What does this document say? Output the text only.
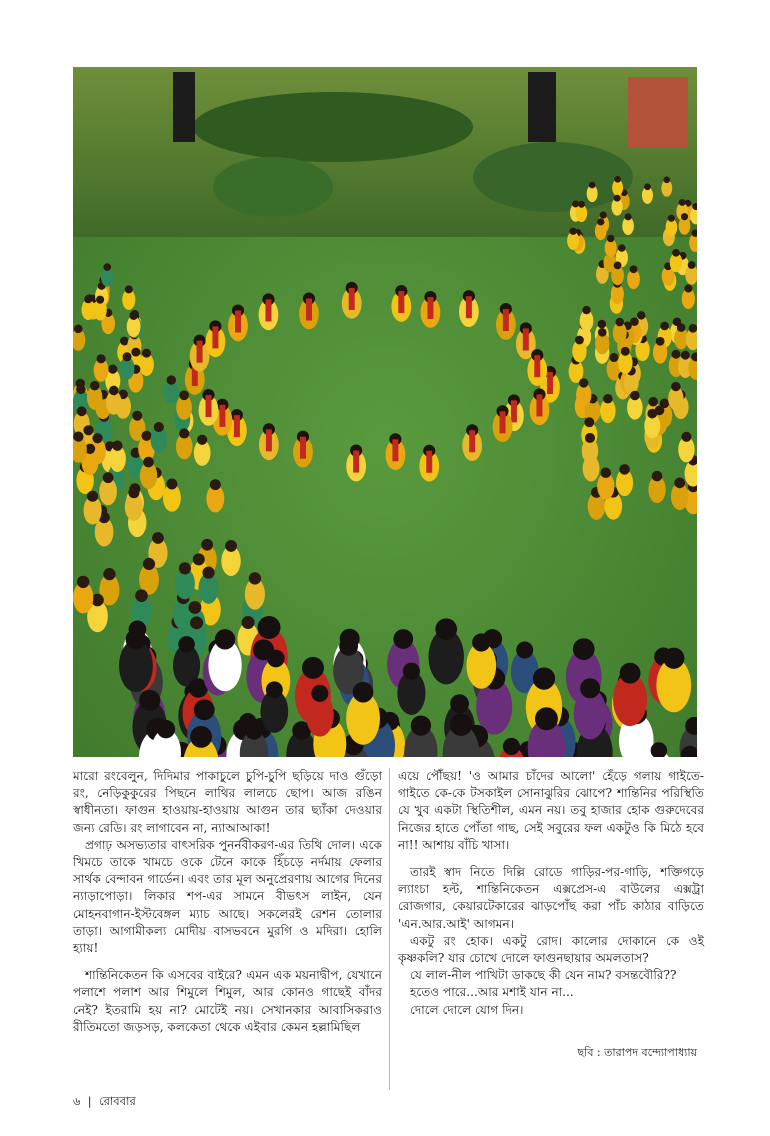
মারো রংবেলুন, দিদিমার পাকাচুলে চুপি-চুপি ছড়িয়ে দাও গুঁড়ো রং, নেড়িকুকুরের পিছনে লাথির লালচে ছোপ। আজ রঙিন স্বাধীনতা। ফাগুন হাওয়ায়-হাওয়ায় আগুন তার ছ্যাঁকা দেওয়ার জন্য রেডি। রং লাগাবেন না, ন্যাআআকা!

প্রগাঢ় অসভ্যতার বাৎসরিক পুনর্নবীকরণ-এর তিথি দোল। একে খিমচে তাকে খামচে ওকে টেনে কাকে হিঁচড়ে নর্দমায় ফেলার সার্থক বেন্দাবন গার্ডেন। এবং তার মূল অনুপ্রেরণায় আগের দিনের ন্যাড়াপোড়া। লিকার শপ-এর সামনে বীভৎস লাইন, যেন মোহনবাগান-ইস্টবেঙ্গল ম্যাচ আছে। সকলেরই রেশন তোলার তাড়া। আগামীকল্য মোদীয় বাসভবনে মুরগি ও মদিরা। হোলি হ্যায়!

শান্তিনিকেতন কি এসবের বাইরে? এমন এক ময়নাদ্বীপ, যেখানে পলাশে পলাশ আর শিমুলে শিমুল, আর কোনও গাছেই বাঁদর নেই? ইতরামি হয় না? মোটেই নয়। সেখানকার আবাসিকরাও রীতিমতো জড়সড়, কলকেতা থেকে এইবার কেমন হল্লামিছিল

এয়ে পৌঁছয়! 'ও আমার চাঁদের আলো' হেঁড়ে গলায় গাইতে-গাইতে কে-কে টসকাইল সোনাঝুরির ঝোপে? শান্তিনির পরিস্থিতি যে খুব একটা স্থিতিশীল, এমন নয়। তবু হাজার হোক গুরুদেবের নিজের হাতে পোঁতা গাছ, সেই সবুরের ফল একটুও কি মিঠে হবে না!! আশায় বাঁচি খাসা।

তারই স্বাদ নিতে দিল্লি রোডে গাড়ির-পর-গাড়ি, শক্তিগড়ে ল্যাংচা হল্ট, শান্তিনিকেতন এক্সপ্রেস-এ বাউলের এক্সট্রা রোজগার, কেয়ারটেকারের ঝাড়পোঁছ করা পাঁচ কাঠার বাড়িতে 'এন.আর.আই' আগমন।

একটু রং হোক। একটু রোদ। কালোর দোকানে কে ওই কৃষ্ণকলি? যার চোখে দোলে ফাগুনছায়ার অমলতাস?

যে লাল-নীল পাখিটা ডাকছে কী যেন নাম? বসন্তবৌরি??

হতেও পারে...আর মশাই যান না...

দোলে দোলে যোগ দিন।

ছবি : তারাপদ বন্দ্যোপাধ্যায়
৬  |  রোববার
